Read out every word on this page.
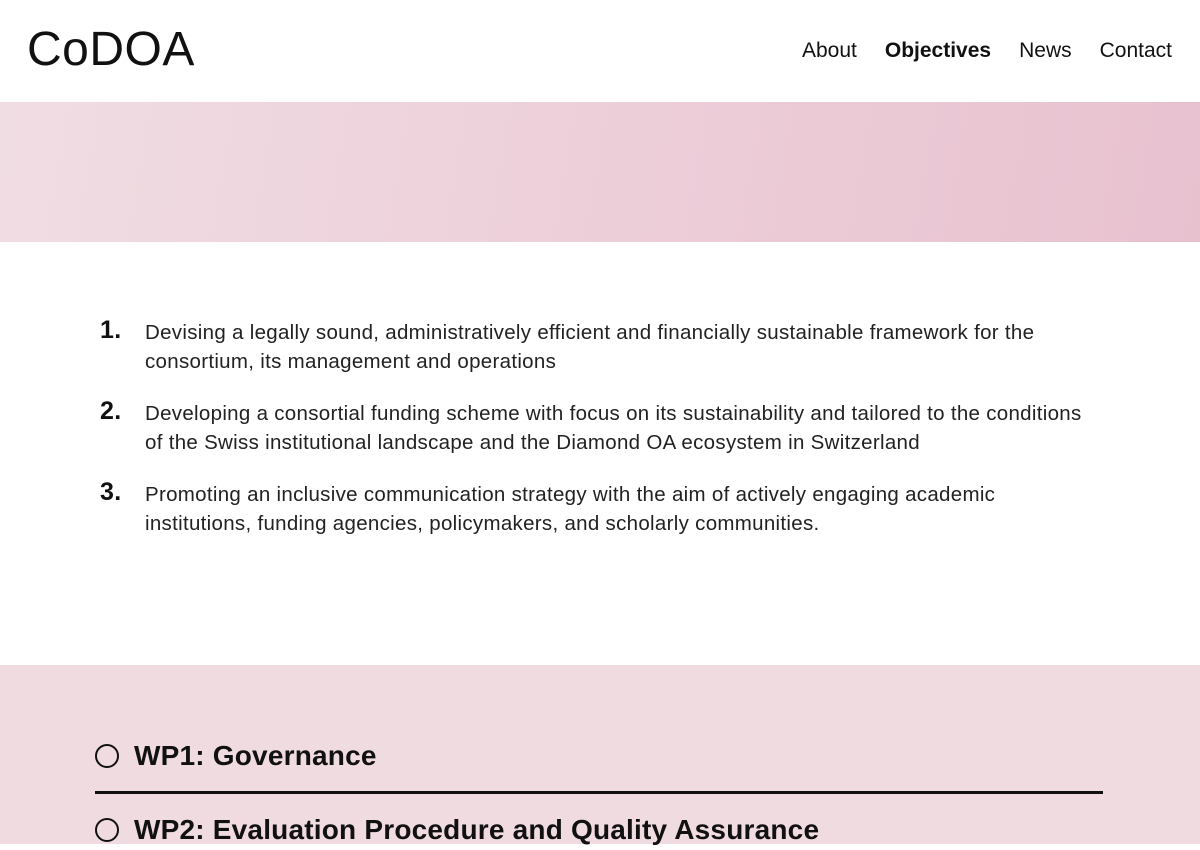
CoDOA	About Objectives News Contact
1. Devising a legally sound, administratively efficient and financially sustainable framework for the consortium, its management and operations
2. Developing a consortial funding scheme with focus on its sustainability and tailored to the conditions of the Swiss institutional landscape and the Diamond OA ecosystem in Switzerland
3. Promoting an inclusive communication strategy with the aim of actively engaging academic institutions, funding agencies, policymakers, and scholarly communities.
WP1: Governance
WP2: Evaluation Procedure and Quality Assurance
